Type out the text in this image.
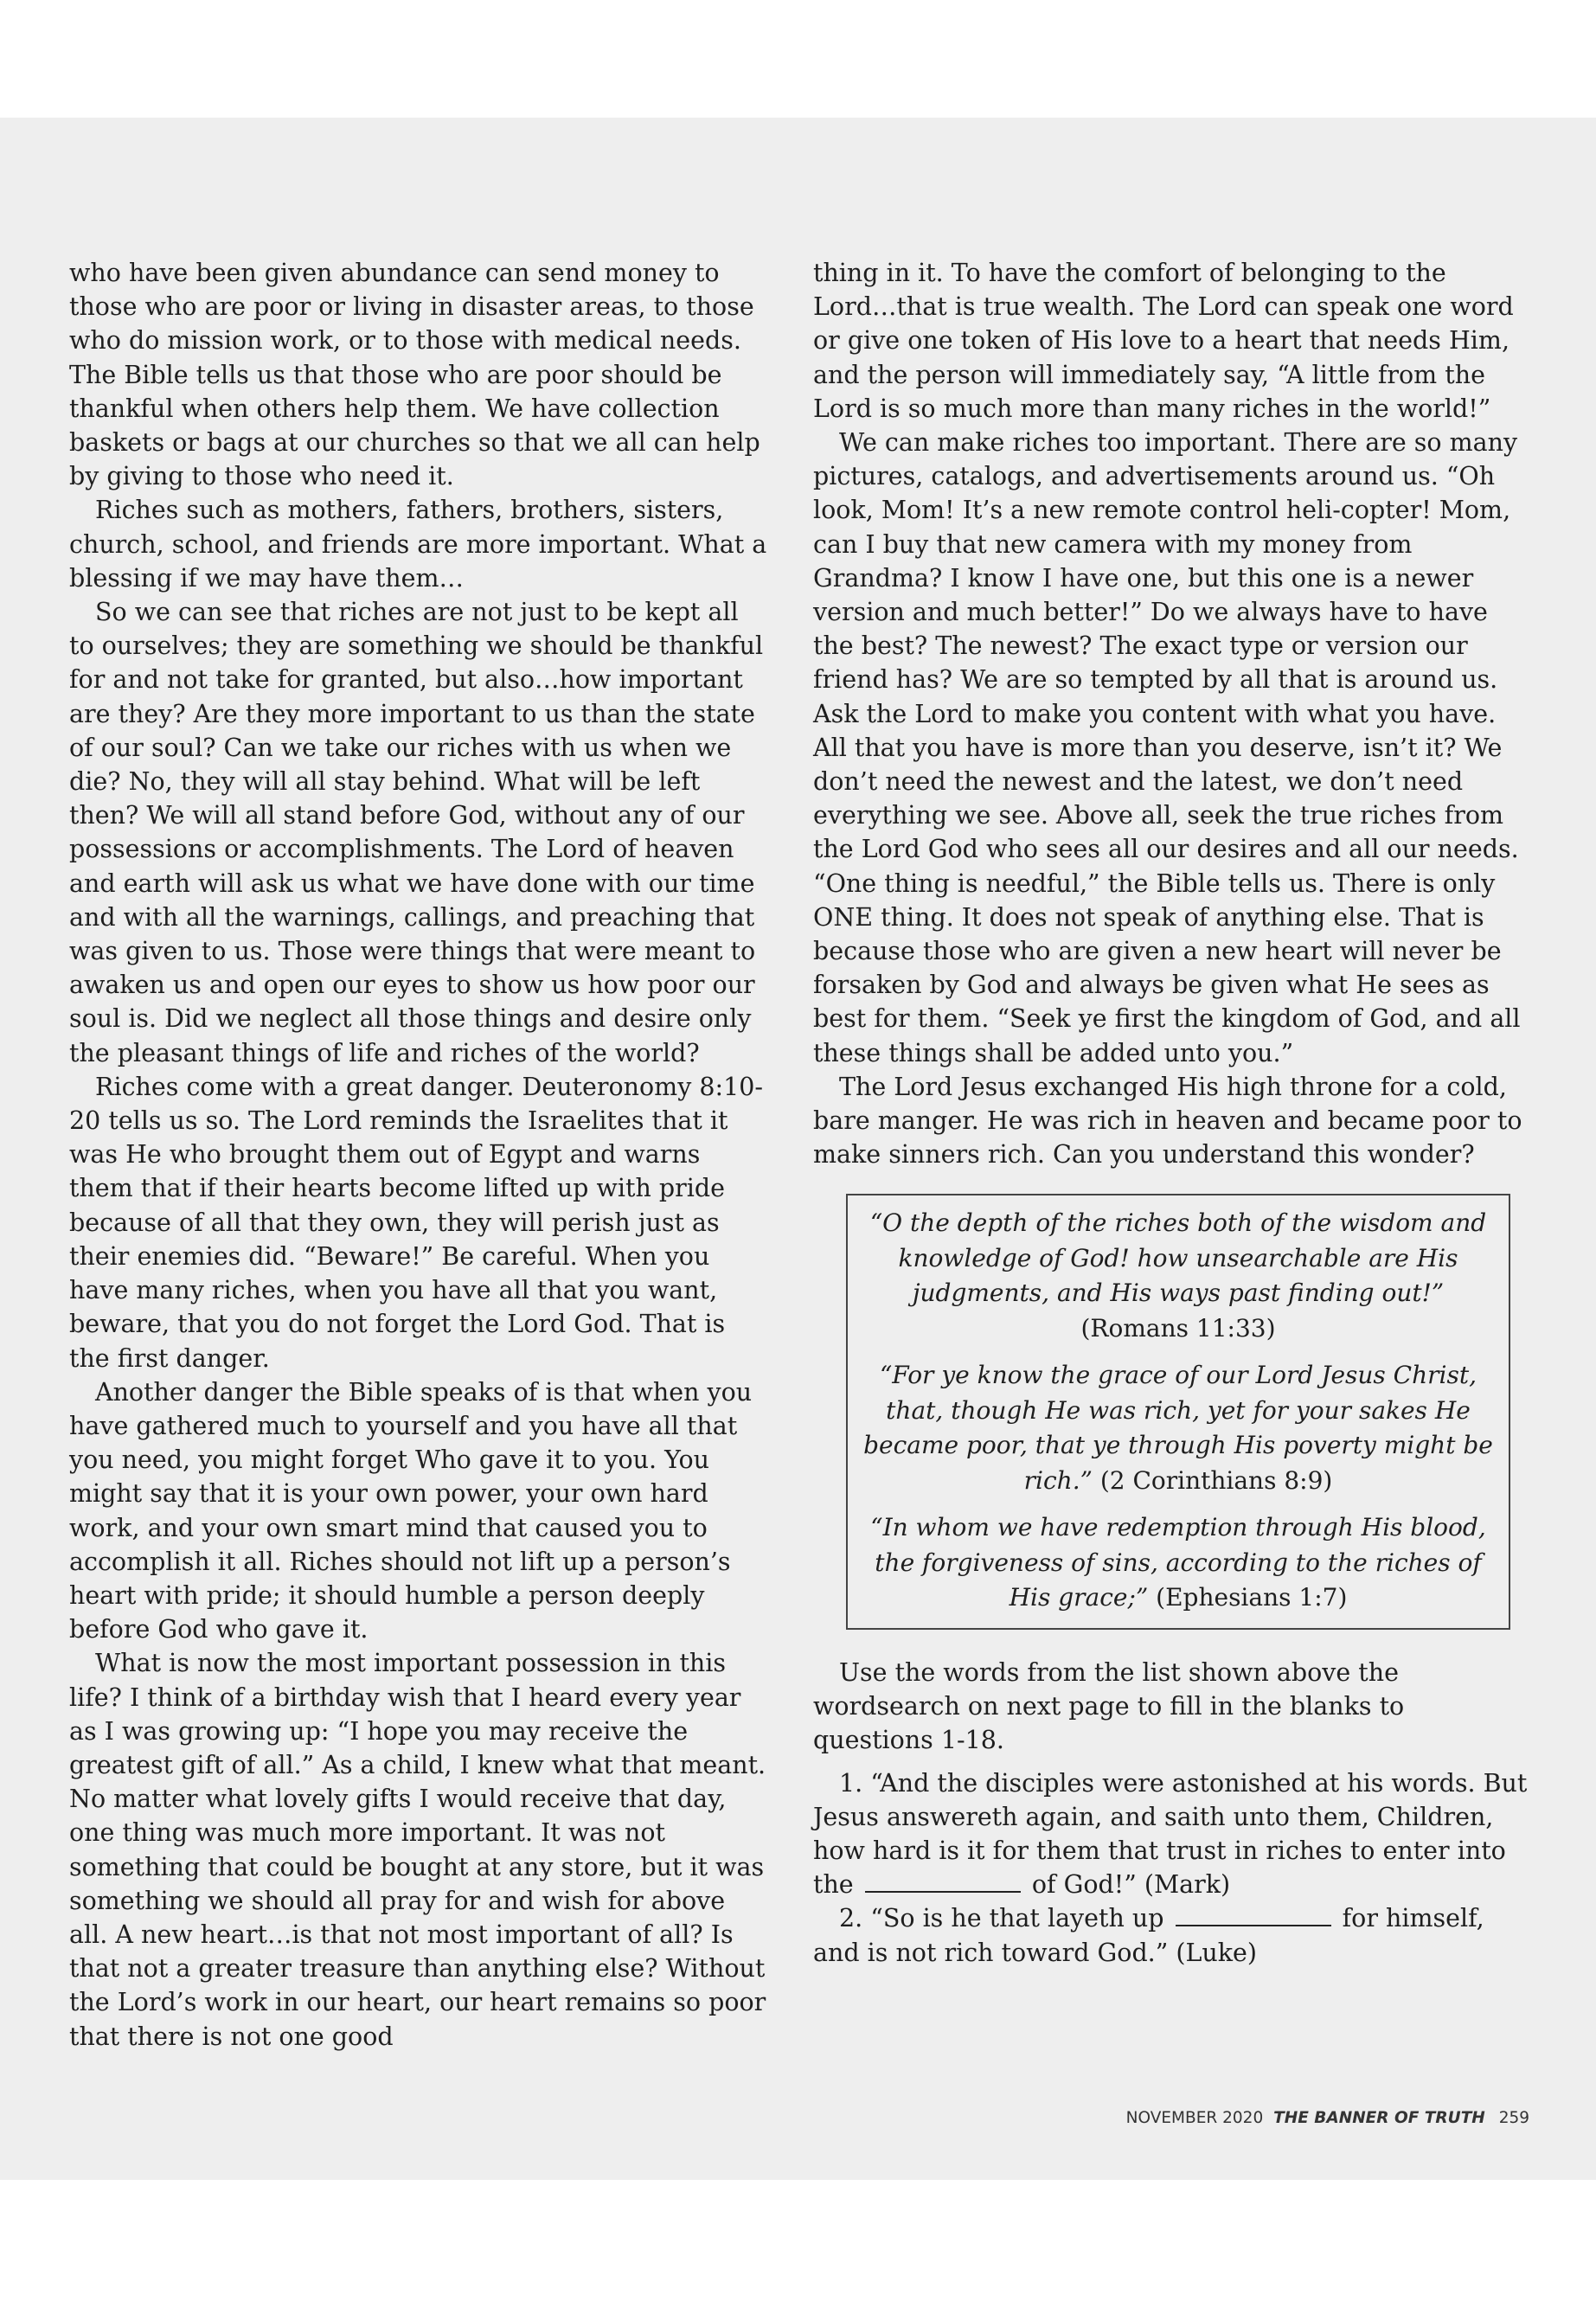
who have been given abundance can send money to those who are poor or living in disaster areas, to those who do mission work, or to those with medical needs. The Bible tells us that those who are poor should be thankful when others help them. We have collection baskets or bags at our churches so that we all can help by giving to those who need it.

Riches such as mothers, fathers, brothers, sisters, church, school, and friends are more important. What a blessing if we may have them…

So we can see that riches are not just to be kept all to ourselves; they are something we should be thankful for and not take for granted, but also…how important are they? Are they more important to us than the state of our soul? Can we take our riches with us when we die? No, they will all stay behind. What will be left then? We will all stand before God, without any of our possessions or accomplishments. The Lord of heaven and earth will ask us what we have done with our time and with all the warnings, callings, and preaching that was given to us. Those were things that were meant to awaken us and open our eyes to show us how poor our soul is. Did we neglect all those things and desire only the pleasant things of life and riches of the world?

Riches come with a great danger. Deuteronomy 8:10-20 tells us so. The Lord reminds the Israelites that it was He who brought them out of Egypt and warns them that if their hearts become lifted up with pride because of all that they own, they will perish just as their enemies did. “Beware!” Be careful. When you have many riches, when you have all that you want, beware, that you do not forget the Lord God. That is the first danger.

Another danger the Bible speaks of is that when you have gathered much to yourself and you have all that you need, you might forget Who gave it to you. You might say that it is your own power, your own hard work, and your own smart mind that caused you to accomplish it all. Riches should not lift up a person’s heart with pride; it should humble a person deeply before God who gave it.

What is now the most important possession in this life? I think of a birthday wish that I heard every year as I was growing up: “I hope you may receive the greatest gift of all.” As a child, I knew what that meant. No matter what lovely gifts I would receive that day, one thing was much more important. It was not something that could be bought at any store, but it was something we should all pray for and wish for above all. A new heart…is that not most important of all? Is that not a greater treasure than anything else? Without the Lord’s work in our heart, our heart remains so poor that there is not one good

thing in it. To have the comfort of belonging to the Lord…that is true wealth. The Lord can speak one word or give one token of His love to a heart that needs Him, and the person will immediately say, “A little from the Lord is so much more than many riches in the world!”

We can make riches too important. There are so many pictures, catalogs, and advertisements around us. “Oh look, Mom! It’s a new remote control heli-copter! Mom, can I buy that new camera with my money from Grandma? I know I have one, but this one is a newer version and much better!” Do we always have to have the best? The newest? The exact type or version our friend has? We are so tempted by all that is around us. Ask the Lord to make you content with what you have. All that you have is more than you deserve, isn’t it? We don’t need the newest and the latest, we don’t need everything we see. Above all, seek the true riches from the Lord God who sees all our desires and all our needs. “One thing is needful,” the Bible tells us. There is only ONE thing. It does not speak of anything else. That is because those who are given a new heart will never be forsaken by God and always be given what He sees as best for them. “Seek ye first the kingdom of God, and all these things shall be added unto you.”

The Lord Jesus exchanged His high throne for a cold, bare manger. He was rich in heaven and became poor to make sinners rich. Can you understand this wonder?

“O the depth of the riches both of the wisdom and knowledge of God! how unsearchable are His judgments, and His ways past finding out!” (Romans 11:33)

“For ye know the grace of our Lord Jesus Christ, that, though He was rich, yet for your sakes He became poor, that ye through His poverty might be rich.” (2 Corinthians 8:9)

“In whom we have redemption through His blood, the forgiveness of sins, according to the riches of His grace;” (Ephesians 1:7)

Use the words from the list shown above the wordsearch on next page to fill in the blanks to questions 1-18.

1. “And the disciples were astonished at his words. But Jesus answereth again, and saith unto them, Children, how hard is it for them that trust in riches to enter into the	of God!” (Mark)

2. “So is he that layeth up	for himself, and is not rich toward God.” (Luke)

NOVEMBER 2020 THE BANNER OF TRUTH 259
